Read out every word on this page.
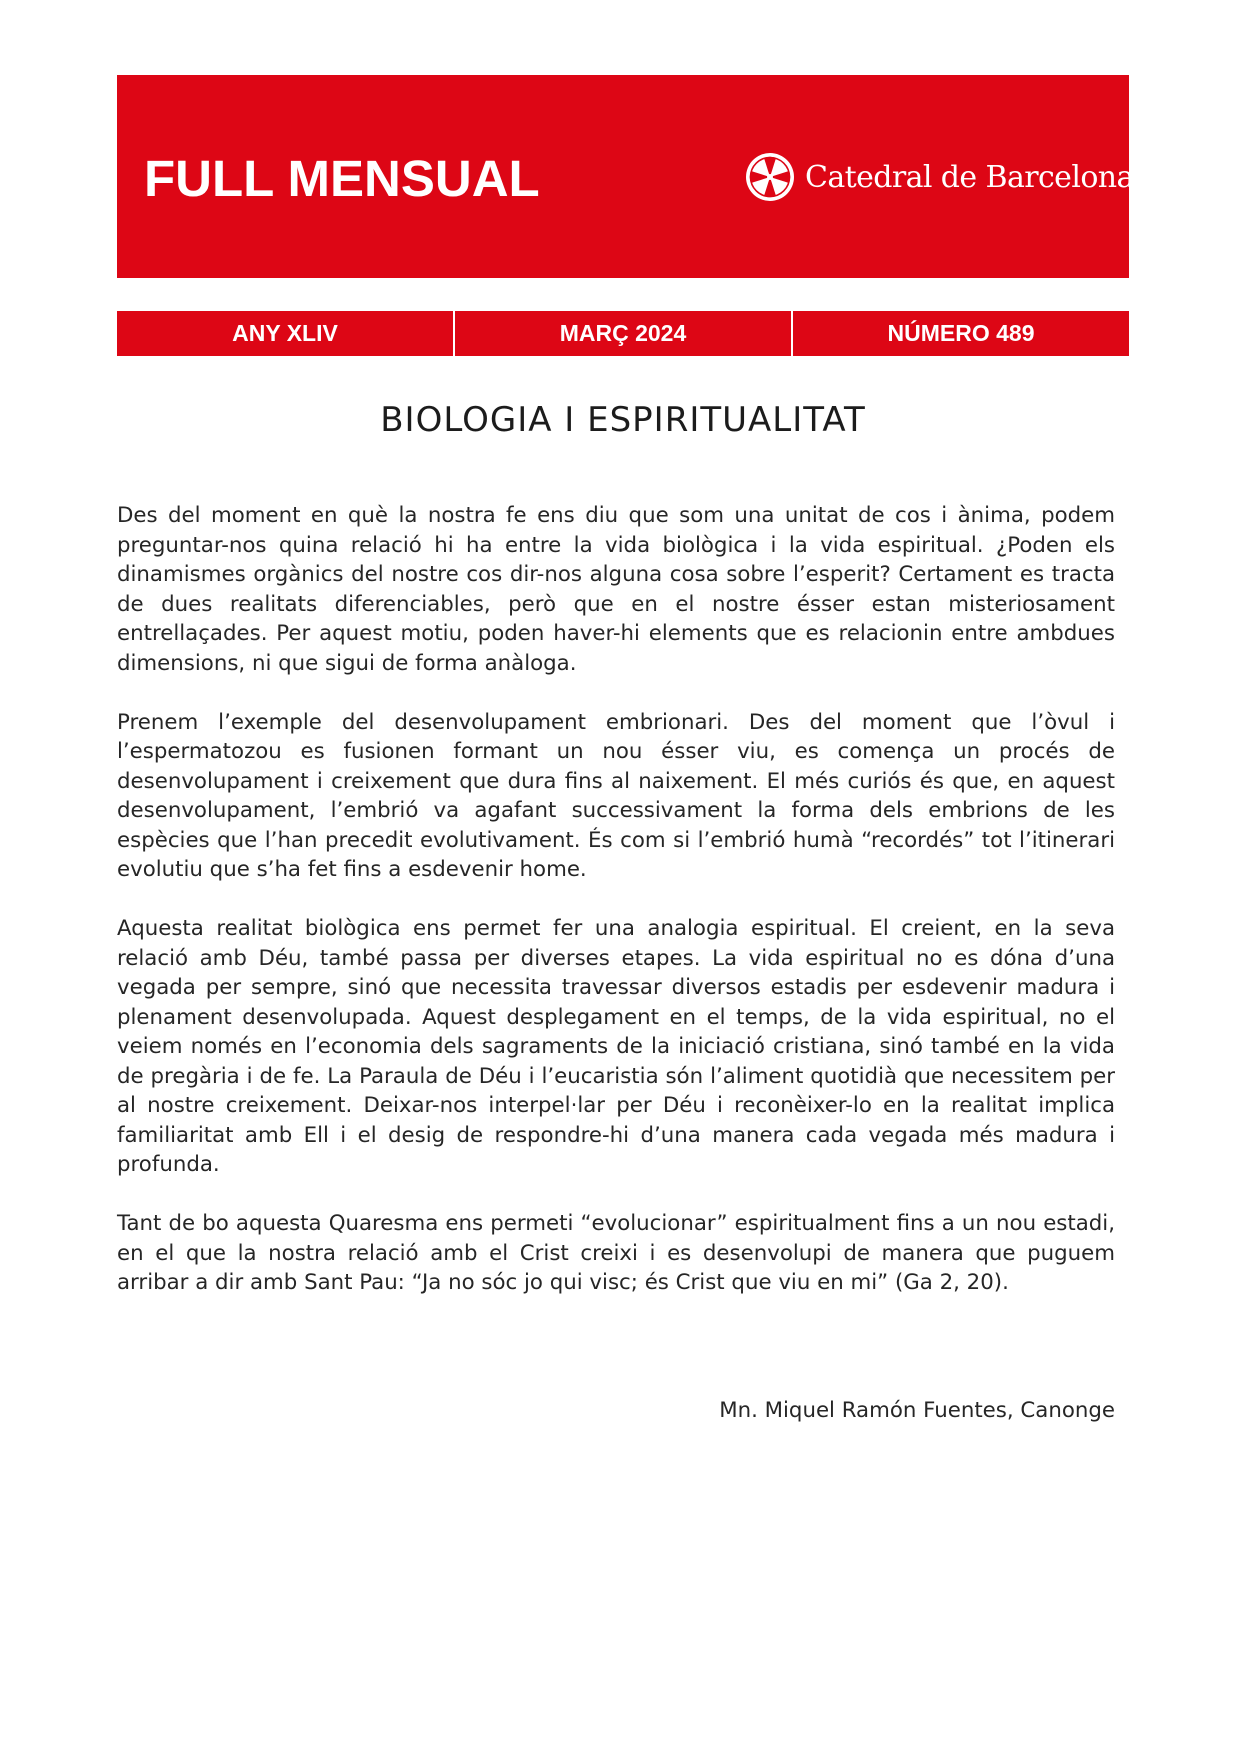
FULL MENSUAL	Catedral de Barcelona
ANY XLIV	MARÇ 2024	NÚMERO 489
BIOLOGIA I ESPIRITUALITAT

Des del moment en què la nostra fe ens diu que som una unitat de cos i ànima, podem preguntar-nos quina relació hi ha entre la vida biològica i la vida espiritual. ¿Poden els dinamismes orgànics del nostre cos dir-nos alguna cosa sobre l’esperit? Certament es tracta de dues realitats diferenciables, però que en el nostre ésser estan misteriosament entrellaçades. Per aquest motiu, poden haver-hi elements que es relacionin entre ambdues dimensions, ni que sigui de forma anàloga.

Prenem l’exemple del desenvolupament embrionari. Des del moment que l’òvul i l’espermatozou es fusionen formant un nou ésser viu, es comença un procés de desenvolupament i creixement que dura fins al naixement. El més curiós és que, en aquest desenvolupament, l’embrió va agafant successivament la forma dels embrions de les espècies que l’han precedit evolutivament. És com si l’embrió humà “recordés” tot l’itinerari evolutiu que s’ha fet fins a esdevenir home.

Aquesta realitat biològica ens permet fer una analogia espiritual. El creient, en la seva relació amb Déu, també passa per diverses etapes. La vida espiritual no es dóna d’una vegada per sempre, sinó que necessita travessar diversos estadis per esdevenir madura i plenament desenvolupada. Aquest desplegament en el temps, de la vida espiritual, no el veiem només en l’economia dels sagraments de la iniciació cristiana, sinó també en la vida de pregària i de fe. La Paraula de Déu i l’eucaristia són l’aliment quotidià que necessitem per al nostre creixement. Deixar-nos interpel·lar per Déu i reconèixer-lo en la realitat implica familiaritat amb Ell i el desig de respondre-hi d’una manera cada vegada més madura i profunda.

Tant de bo aquesta Quaresma ens permeti “evolucionar” espiritualment fins a un nou estadi, en el que la nostra relació amb el Crist creixi i es desenvolupi de manera que puguem arribar a dir amb Sant Pau: “Ja no sóc jo qui visc; és Crist que viu en mi” (Ga 2, 20).

Mn. Miquel Ramón Fuentes, Canonge
